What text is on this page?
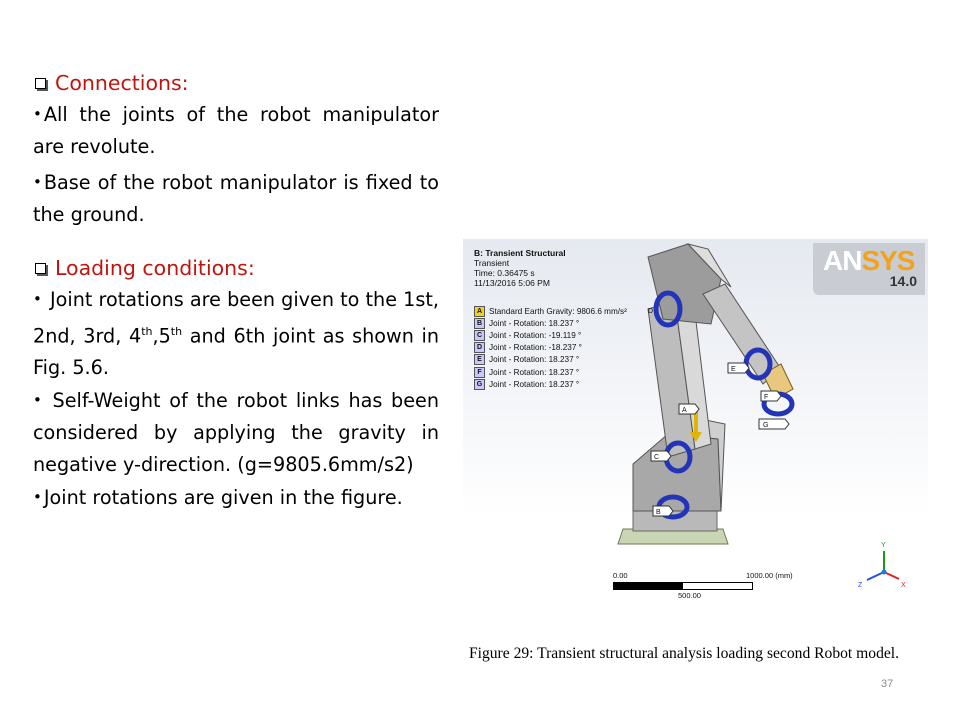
Connections:

• All the joints of the robot manipulator are revolute.

• Base of the robot manipulator is fixed to the ground.

Loading conditions:

• Joint rotations are been given to the 1st, 2nd, 3rd, 4th,5th and 6th joint as shown in Fig. 5.6.

• Self-Weight of the robot links has been considered by applying the gravity in negative y-direction. (g=9805.6mm/s2)

• Joint rotations are given in the figure.

B: Transient Structural
Transient
Time: 0.36475 s
11/13/2016 5:06 PM
A Standard Earth Gravity: 9806.6 mm/s²
B Joint - Rotation: 18.237 °
C Joint - Rotation: -19.119 °
D Joint - Rotation: -18.237 °
E Joint - Rotation: 18.237 °
F Joint - Rotation: 18.237 °
G Joint - Rotation: 18.237 °
ANSYS
14.0
Y
X
Z
A
C
B
E
F
G
D
0.00	1000.00 (mm)
500.00
Figure 29: Transient structural analysis loading second Robot model.
37
